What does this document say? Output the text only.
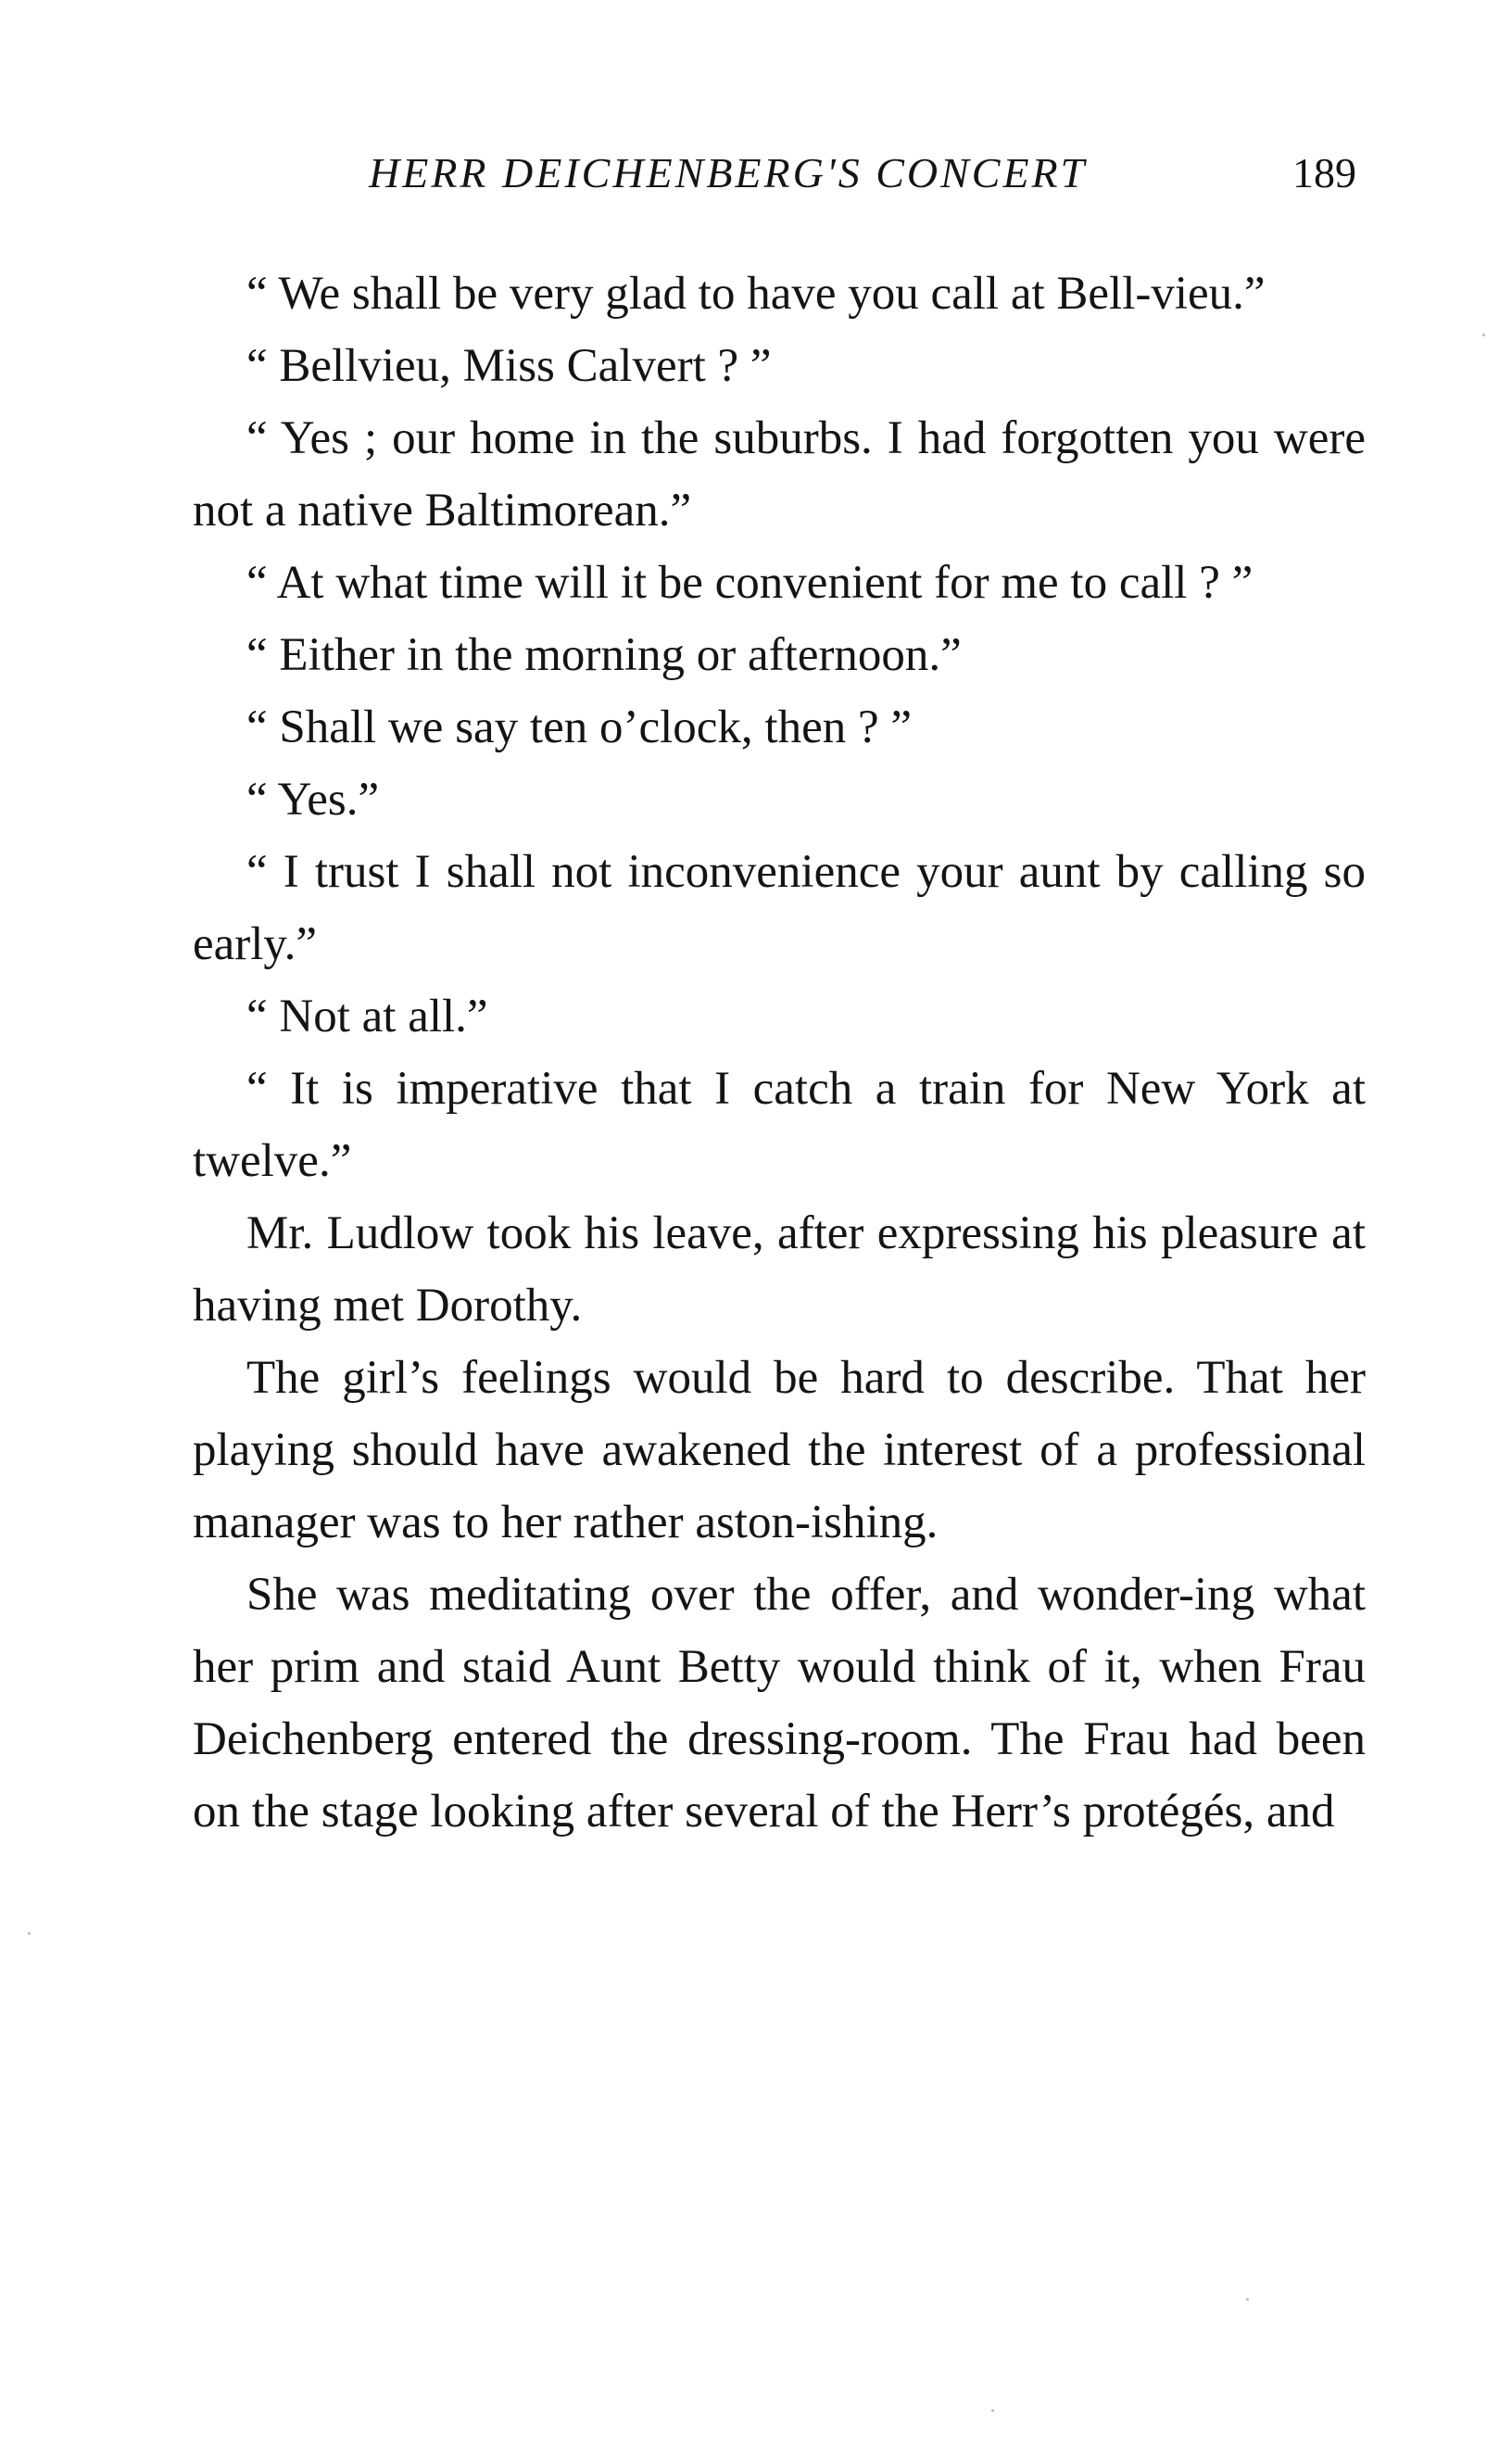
HERR DEICHENBERG'S CONCERT	189

“ We shall be very glad to have you call at Bell-vieu.”

“ Bellvieu, Miss Calvert ? ”

“ Yes ; our home in the suburbs. I had forgotten you were not a native Baltimorean.”

“ At what time will it be convenient for me to call ? ”

“ Either in the morning or afternoon.”

“ Shall we say ten o’clock, then ? ”

“ Yes.”

“ I trust I shall not inconvenience your aunt by calling so early.”

“ Not at all.”

“ It is imperative that I catch a train for New York at twelve.”

Mr. Ludlow took his leave, after expressing his pleasure at having met Dorothy.

The girl’s feelings would be hard to describe. That her playing should have awakened the interest of a professional manager was to her rather aston-ishing.

She was meditating over the offer, and wonder-ing what her prim and staid Aunt Betty would think of it, when Frau Deichenberg entered the dressing-room. The Frau had been on the stage looking after several of the Herr’s protégés, and
